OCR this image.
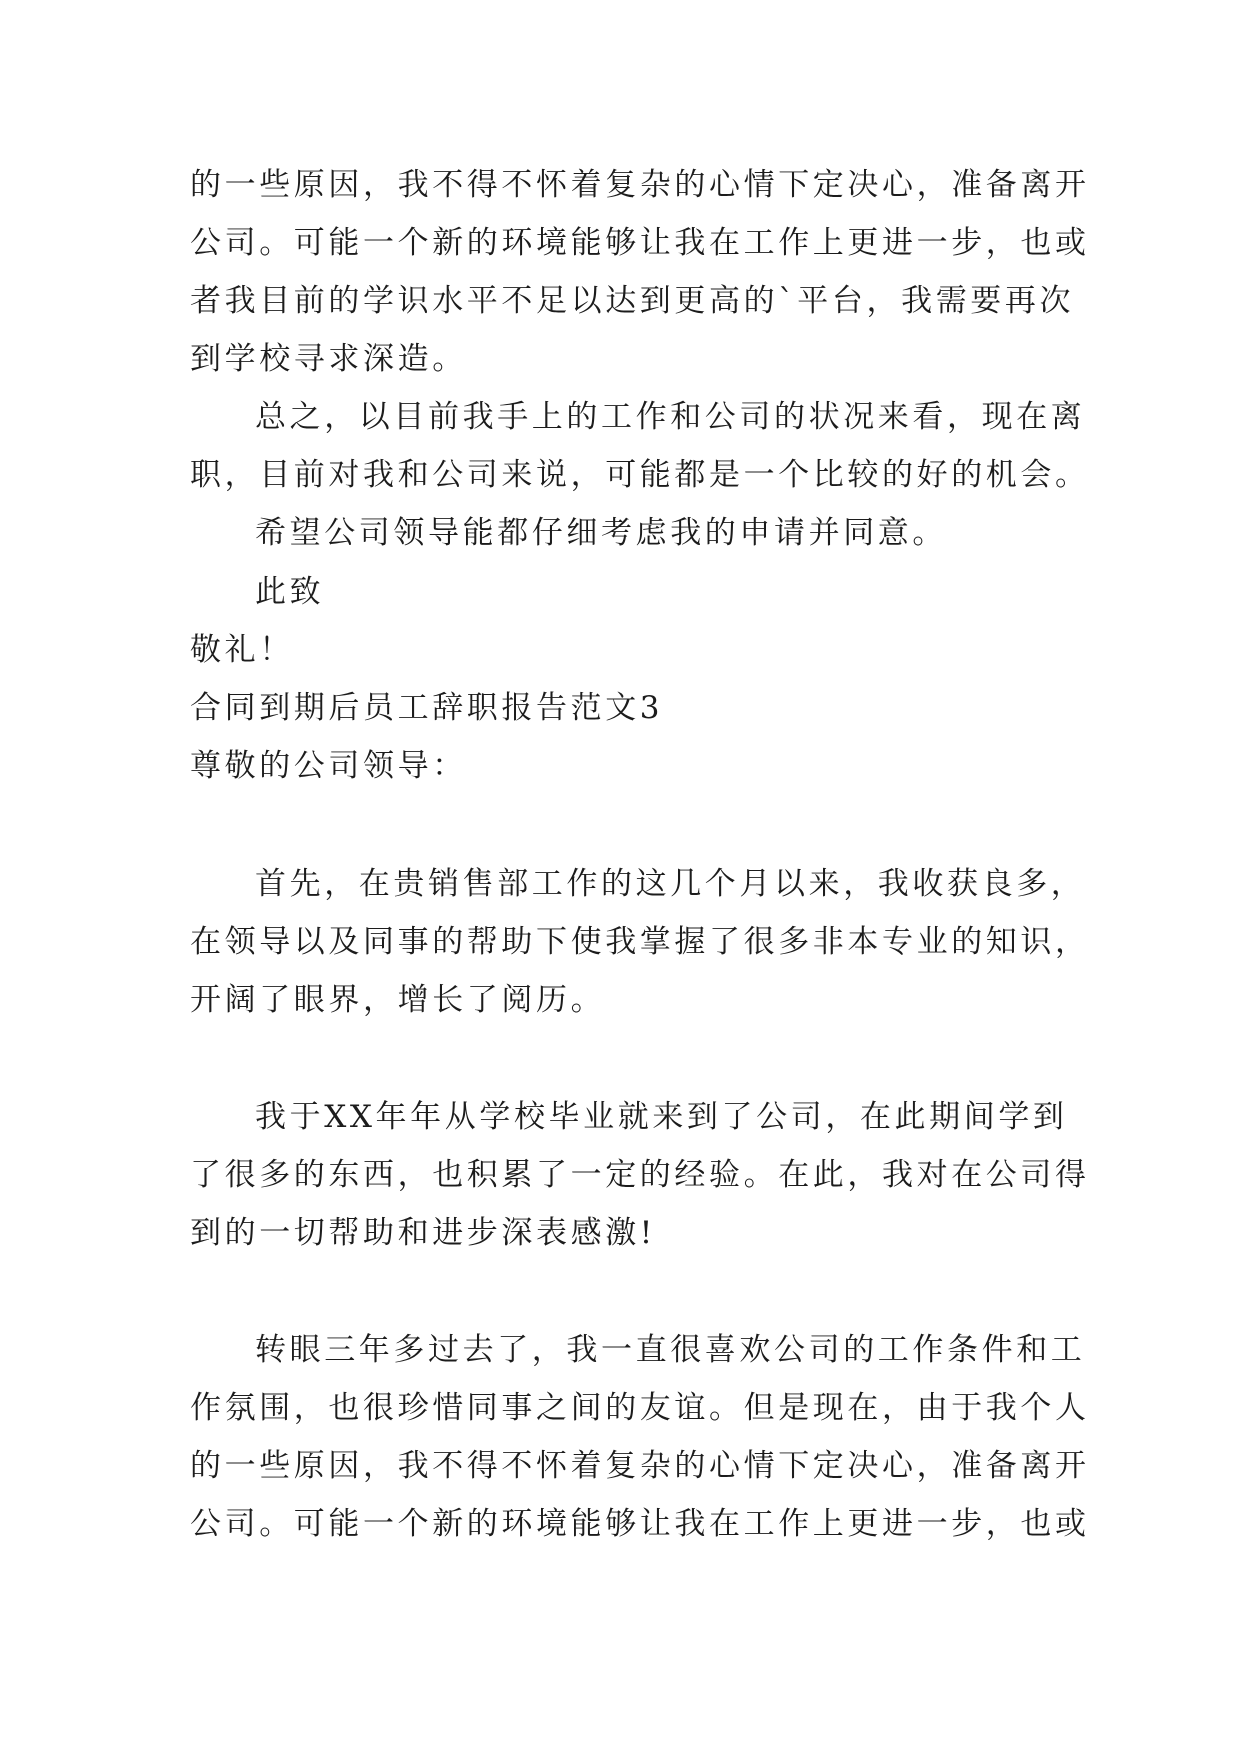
的一些原因，我不得不怀着复杂的心情下定决心，准备离开

公司。可能一个新的环境能够让我在工作上更进一步，也或

者我目前的学识水平不足以达到更高的`平台，我需要再次

到学校寻求深造。

总之，以目前我手上的工作和公司的状况来看，现在离

职，目前对我和公司来说，可能都是一个比较的好的机会。

希望公司领导能都仔细考虑我的申请并同意。

此致

敬礼！

合同到期后员工辞职报告范文3

尊敬的公司领导：

首先，在贵销售部工作的这几个月以来，我收获良多，

在领导以及同事的帮助下使我掌握了很多非本专业的知识，

开阔了眼界，增长了阅历。

我于XX年年从学校毕业就来到了公司，在此期间学到

了很多的东西，也积累了一定的经验。在此，我对在公司得

到的一切帮助和进步深表感激!

转眼三年多过去了，我一直很喜欢公司的工作条件和工

作氛围，也很珍惜同事之间的友谊。但是现在，由于我个人

的一些原因，我不得不怀着复杂的心情下定决心，准备离开

公司。可能一个新的环境能够让我在工作上更进一步，也或
